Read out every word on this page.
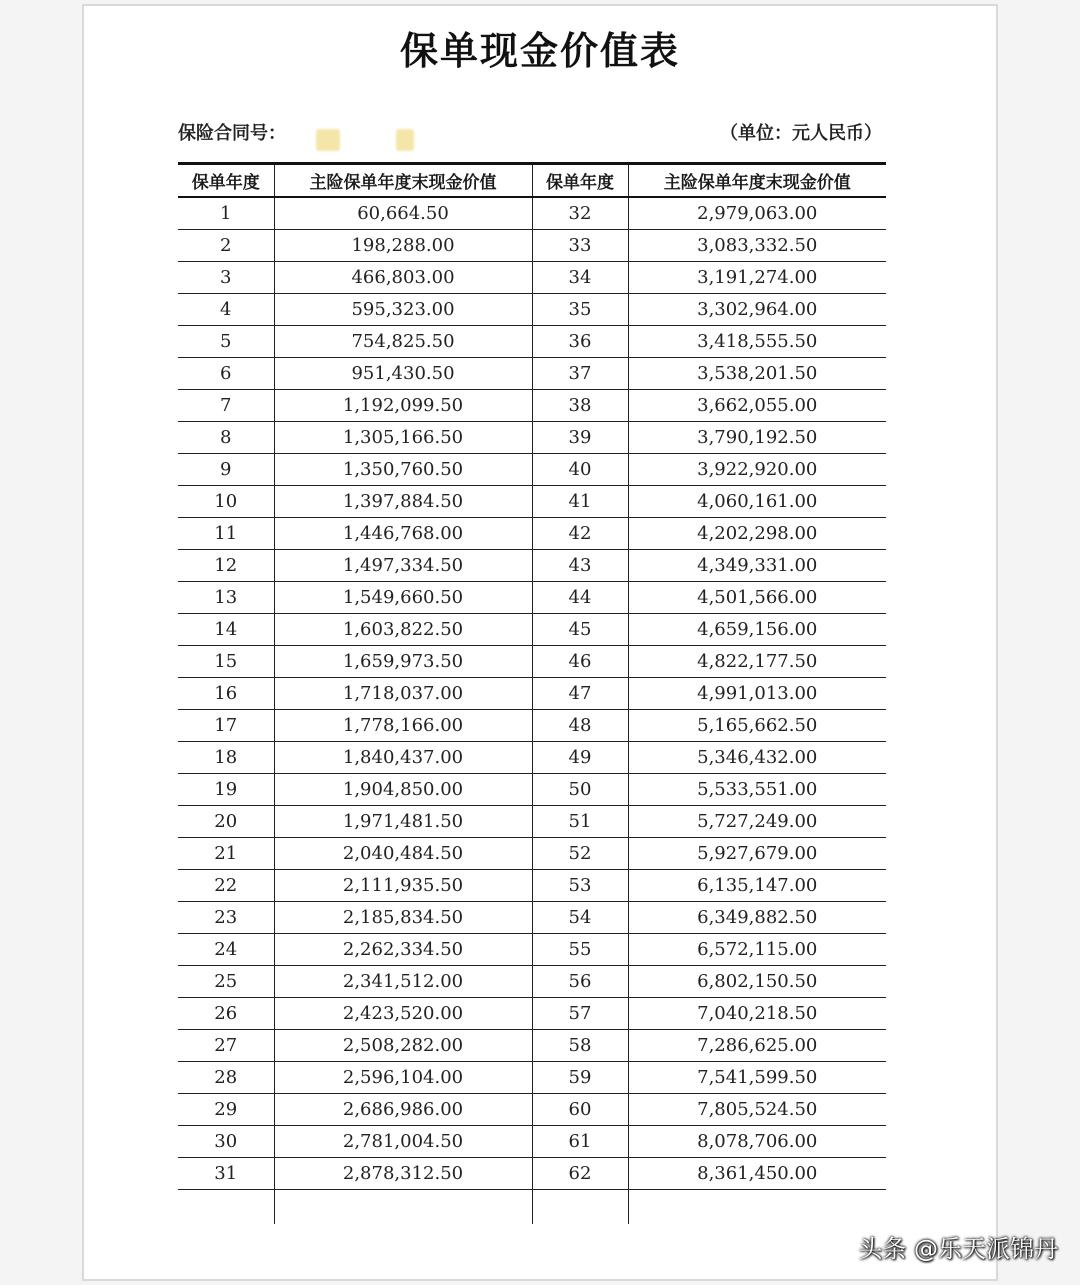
保单现金价值表
保险合同号：	（单位：元人民币）
保单年度	主险保单年度末现金价值	保单年度	主险保单年度末现金价值
1	60,664.50	32	2,979,063.00
2	198,288.00	33	3,083,332.50
3	466,803.00	34	3,191,274.00
4	595,323.00	35	3,302,964.00
5	754,825.50	36	3,418,555.50
6	951,430.50	37	3,538,201.50
7	1,192,099.50	38	3,662,055.00
8	1,305,166.50	39	3,790,192.50
9	1,350,760.50	40	3,922,920.00
10	1,397,884.50	41	4,060,161.00
11	1,446,768.00	42	4,202,298.00
12	1,497,334.50	43	4,349,331.00
13	1,549,660.50	44	4,501,566.00
14	1,603,822.50	45	4,659,156.00
15	1,659,973.50	46	4,822,177.50
16	1,718,037.00	47	4,991,013.00
17	1,778,166.00	48	5,165,662.50
18	1,840,437.00	49	5,346,432.00
19	1,904,850.00	50	5,533,551.00
20	1,971,481.50	51	5,727,249.00
21	2,040,484.50	52	5,927,679.00
22	2,111,935.50	53	6,135,147.00
23	2,185,834.50	54	6,349,882.50
24	2,262,334.50	55	6,572,115.00
25	2,341,512.00	56	6,802,150.50
26	2,423,520.00	57	7,040,218.50
27	2,508,282.00	58	7,286,625.00
28	2,596,104.00	59	7,541,599.50
29	2,686,986.00	60	7,805,524.50
30	2,781,004.50	61	8,078,706.00
31	2,878,312.50	62	8,361,450.00

头条 @乐天派锦丹
